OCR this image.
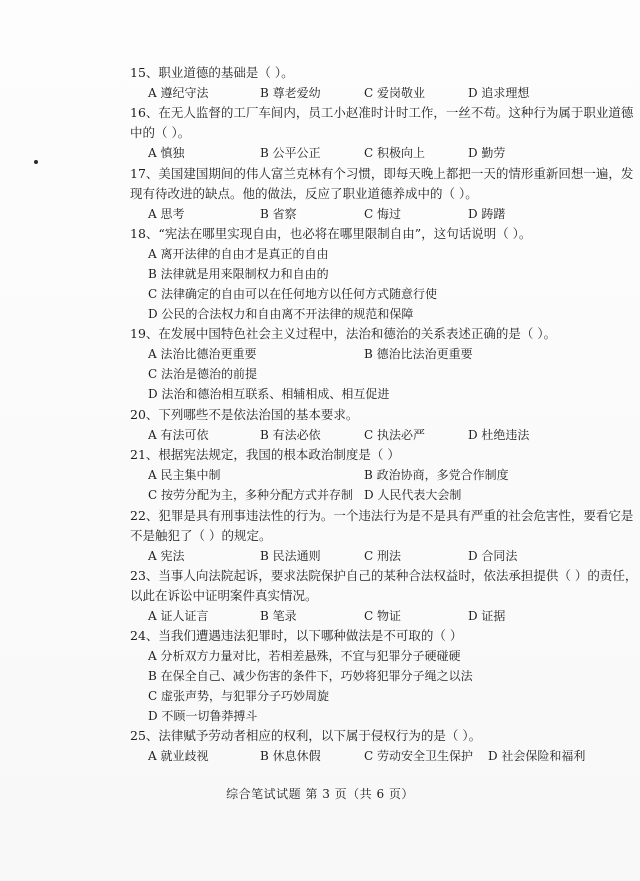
15、职业道德的基础是（ ）。
A 遵纪守法	B 尊老爱幼	C 爱岗敬业	D 追求理想
16、在无人监督的工厂车间内，员工小赵准时计时工作，一丝不苟。这种行为属于职业道德
中的（ ）。
A 慎独	B 公平公正	C 积极向上	D 勤劳
17、美国建国期间的伟人富兰克林有个习惯，即每天晚上都把一天的情形重新回想一遍，发
现有待改进的缺点。他的做法，反应了职业道德养成中的（ ）。
A 思考	B 省察	C 悔过	D 踌躇
18、“宪法在哪里实现自由，也必将在哪里限制自由”，这句话说明（ ）。
A 离开法律的自由才是真正的自由
B 法律就是用来限制权力和自由的
C 法律确定的自由可以在任何地方以任何方式随意行使
D 公民的合法权力和自由离不开法律的规范和保障
19、在发展中国特色社会主义过程中，法治和德治的关系表述正确的是（ ）。
A 法治比德治更重要	B 德治比法治更重要
C 法治是德治的前提
D 法治和德治相互联系、相辅相成、相互促进
20、下列哪些不是依法治国的基本要求。
A 有法可依	B 有法必依	C 执法必严	D 杜绝违法
21、根据宪法规定，我国的根本政治制度是（ ）
A 民主集中制	B 政治协商，多党合作制度
C 按劳分配为主，多种分配方式并存制 D 人民代表大会制
22、犯罪是具有刑事违法性的行为。一个违法行为是不是具有严重的社会危害性，要看它是
不是触犯了（ ）的规定。
A 宪法	B 民法通则	C 刑法	D 合同法
23、当事人向法院起诉，要求法院保护自己的某种合法权益时，依法承担提供（ ）的责任，
以此在诉讼中证明案件真实情况。
A 证人证言	B 笔录	C 物证	D 证据
24、当我们遭遇违法犯罪时，以下哪种做法是不可取的（ ）
A 分析双方力量对比，若相差悬殊，不宜与犯罪分子硬碰硬
B 在保全自己、减少伤害的条件下，巧妙将犯罪分子绳之以法
C 虚张声势，与犯罪分子巧妙周旋
D 不顾一切鲁莽搏斗
25、法律赋予劳动者相应的权利，以下属于侵权行为的是（ ）。
A 就业歧视	B 休息休假	C 劳动安全卫生保护 D 社会保险和福利
综合笔试试题 第 3 页（共 6 页）
